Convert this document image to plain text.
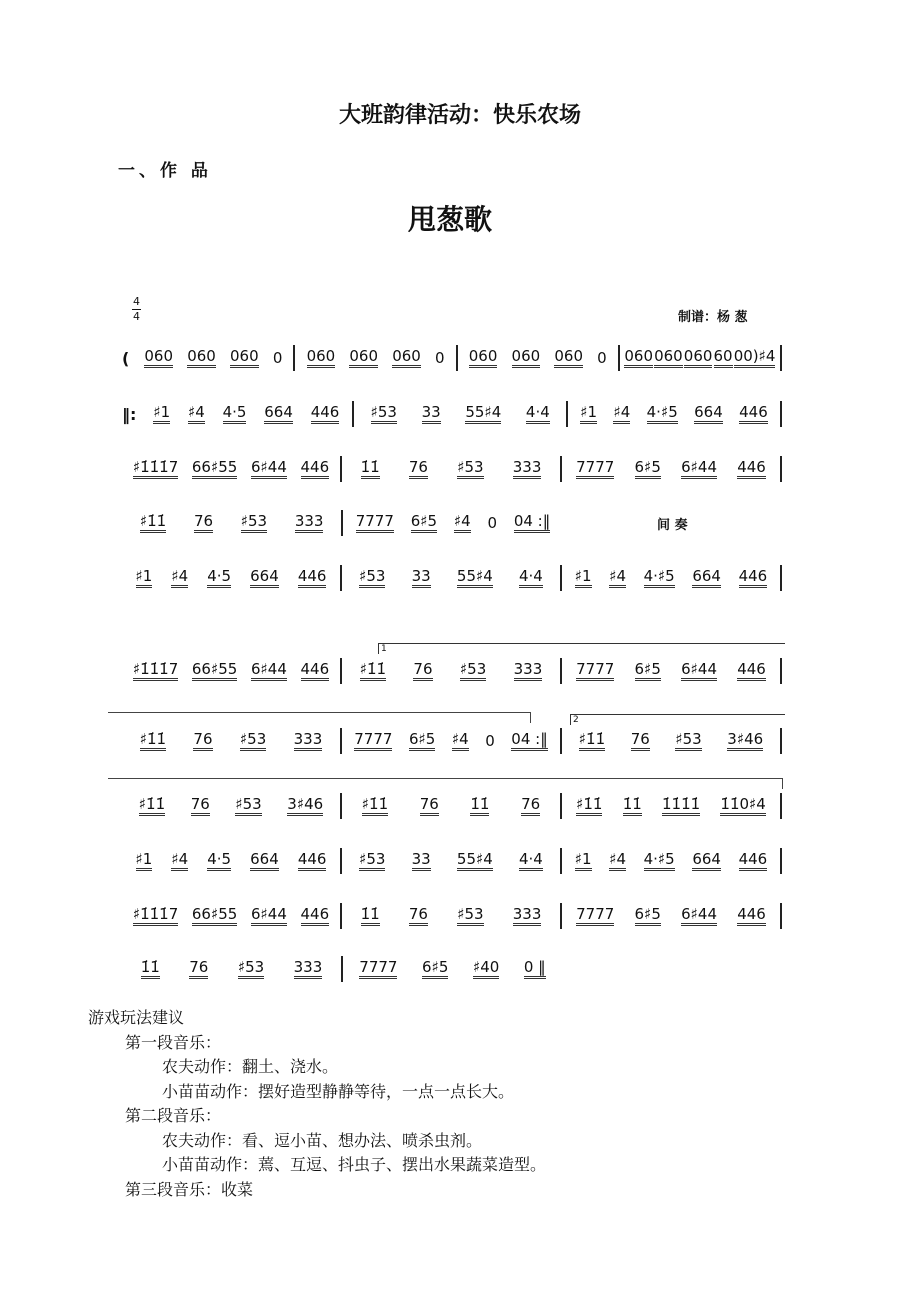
大班韵律活动：快乐农场
一、作 品
甩葱歌
4
4	制谱：杨 葱
( 060 060 060 0 060 060 060 0 060 060 060 0 060 060 060 60 00)♯4
‖: ♯1 ♯4 4·5 664 446 ♯53 33 55♯4 4·4 ♯1 ♯4 4·♯5 664 446
♯1̇1̇1̇7 66♯55 6♯44 446 1̇1̇ 76 ♯53 333 7777 6♯5 6♯44 446
♯1̇1̇ 76 ♯53 333 7777 6♯5 ♯4 0 04 :‖	间 奏
♯1 ♯4 4·5 664 446 ♯53 33 55♯4 4·4 ♯1 ♯4 4·♯5 664 446
♯1̇1̇1̇7 66♯55 6♯44 446 ♯1̇1̇ 76 ♯53 333 7777 6♯5 6♯44 446
♯1̇1̇ 76 ♯53 333 7777 6♯5 ♯4 0 04 :‖ ♯1̇1̇ 76 ♯53 3♯46
♯1̇1̇ 76 ♯53 3♯46	♯1̇1̇ 76 1̇1̇ 76 ♯1̇1̇ 1̇1̇ 1̇1̇1̇1̇ 1̇1̇0♯4
♯1 ♯4 4·5 664 446 ♯53 33 55♯4 4·4 ♯1 ♯4 4·♯5 664 446
♯1̇1̇1̇7 66♯55 6♯44 446 1̇1̇ 76 ♯53 333 7777 6♯5 6♯44 446
1̇1̇ 76 ♯53 333 7777 6♯5 ♯40 0 ‖
1
2
游戏玩法建议
第一段音乐：
农夫动作：翻土、浇水。
小苗苗动作：摆好造型静静等待，一点一点长大。
第二段音乐：
农夫动作：看、逗小苗、想办法、喷杀虫剂。
小苗苗动作：蔫、互逗、抖虫子、摆出水果蔬菜造型。
第三段音乐：收菜
